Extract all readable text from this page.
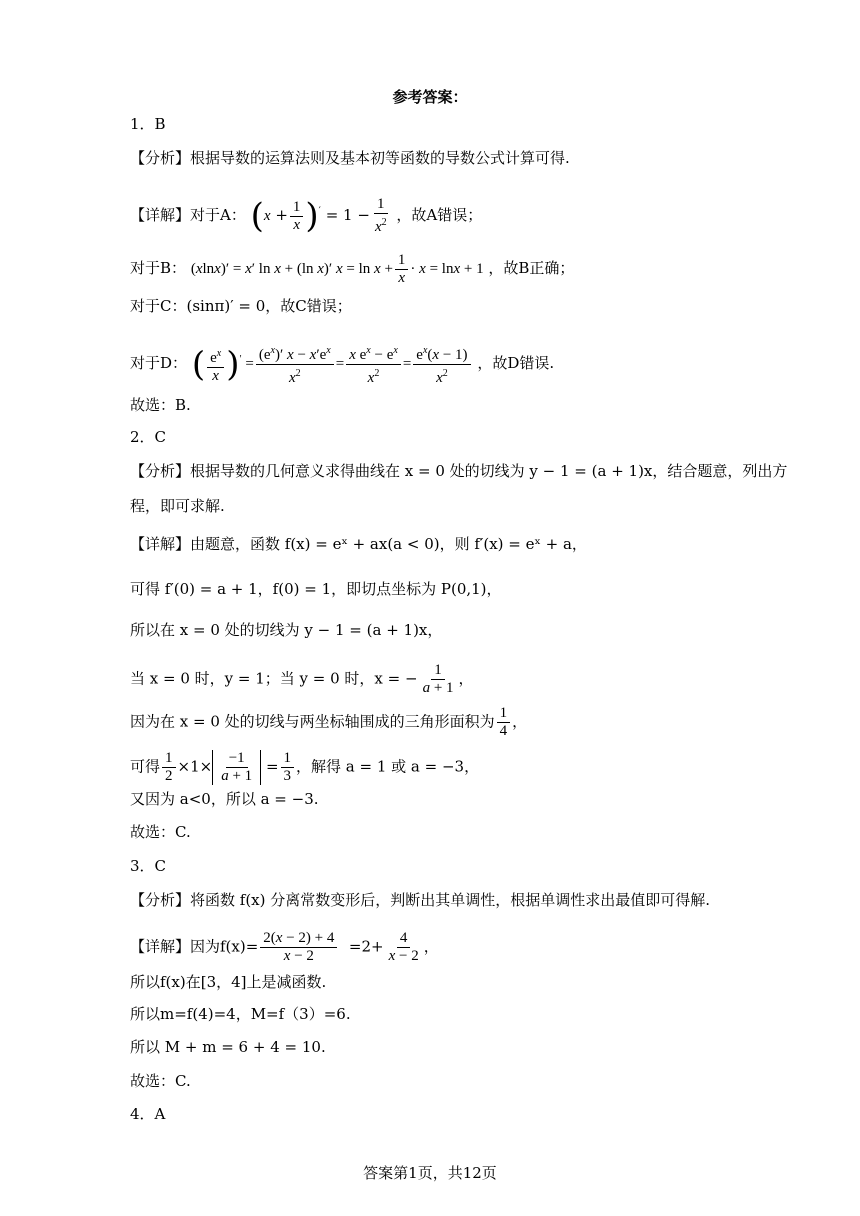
参考答案：
1．B
【分析】根据导数的运算法则及基本初等函数的导数公式计算可得.
【详解】对于A： $(x + \frac{1}{x} )' = 1 - \frac{1}{x^2}$ ，故A错误；
对于B： (xlnx)′ = x′ ln x + (ln x)′ $x = \ln x + \frac{1}{x} \cdot x = \ln x + 1$ ，故B正确；
对于C：(sinπ)′ = 0，故C错误；
对于D： ( $\frac{e^x}{x} )' = \frac{(e^x)' x - x'e^x}{x^2} = \frac{x e^x - e^x}{x^2} = \frac{e^x(x - 1)}{x^2}$ ，故D错误.
故选：B.
2．C
【分析】根据导数的几何意义求得曲线在 x = 0 处的切线为 y − 1 = (a + 1)x，结合题意，列出方
程，即可求解.
【详解】由题意，函数 f(x) = eˣ + ax(a < 0)，则 f′(x) = eˣ + a，
可得 f′(0) = a + 1，f(0) = 1，即切点坐标为 P(0,1)，
所以在 x = 0 处的切线为 y − 1 = (a + 1)x，
当 x = 0 时，y = 1；当 y = 0 时，x = − $\frac{1}{a + 1}$ ，
因为在 x = 0 处的切线与两坐标轴围成的三角形面积为 $\frac{1}{4}$ ，
可得 $\frac{1}{2} \times 1\times \frac{-1}{a + 1} = \frac{1}{3}$ ，解得 a = 1 或 a = −3，
又因为 a<0，所以 a = −3.
故选：C.
3．C
【分析】将函数 f(x) 分离常数变形后，判断出其单调性，根据单调性求出最值即可得解.
【详解】因为$f(x)= \frac{2(x - 2) + 4}{x - 2} =2+ \frac{4}{x - 2}$ ，
所以f(x)在[3，4]上是减函数.
所以m=f(4)=4，M=f（3）=6.
所以 M + m = 6 + 4 = 10.
故选：C.
4．A
答案第1页，共12页
